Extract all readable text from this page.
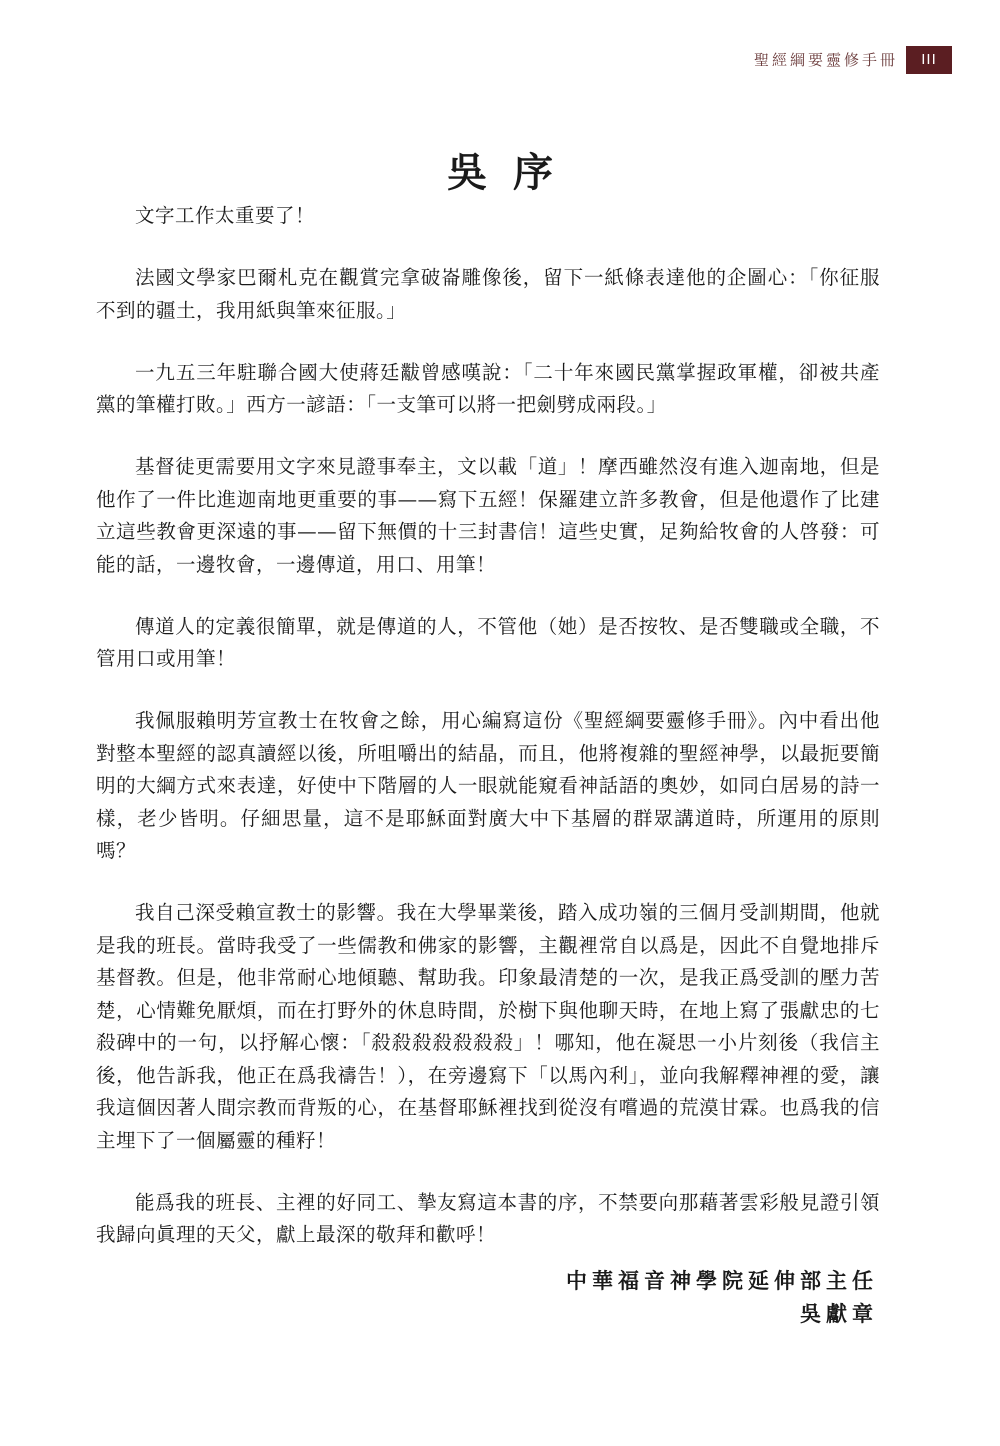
聖經綱要靈修手冊	III
吳序

文字工作太重要了！

法國文學家巴爾札克在觀賞完拿破崙雕像後，留下一紙條表達他的企圖心：「你征服不到的疆土，我用紙與筆來征服。」

一九五三年駐聯合國大使蔣廷黻曾感嘆說：「二十年來國民黨掌握政軍權，卻被共產黨的筆權打敗。」西方一諺語：「一支筆可以將一把劍劈成兩段。」

基督徒更需要用文字來見證事奉主，文以載「道」！摩西雖然沒有進入迦南地，但是他作了一件比進迦南地更重要的事——寫下五經！保羅建立許多教會，但是他還作了比建立這些教會更深遠的事——留下無價的十三封書信！這些史實，足夠給牧會的人啓發：可能的話，一邊牧會，一邊傳道，用口、用筆！

傳道人的定義很簡單，就是傳道的人，不管他（她）是否按牧、是否雙職或全職，不管用口或用筆！

我佩服賴明芳宣教士在牧會之餘，用心編寫這份《聖經綱要靈修手冊》。內中看出他對整本聖經的認真讀經以後，所咀嚼出的結晶，而且，他將複雜的聖經神學，以最扼要簡明的大綱方式來表達，好使中下階層的人一眼就能窺看神話語的奧妙，如同白居易的詩一樣，老少皆明。仔細思量，這不是耶穌面對廣大中下基層的群眾講道時，所運用的原則嗎？

我自己深受賴宣教士的影響。我在大學畢業後，踏入成功嶺的三個月受訓期間，他就是我的班長。當時我受了一些儒教和佛家的影響，主觀裡常自以爲是，因此不自覺地排斥基督教。但是，他非常耐心地傾聽、幫助我。印象最清楚的一次，是我正爲受訓的壓力苦楚，心情難免厭煩，而在打野外的休息時間，於樹下與他聊天時，在地上寫了張獻忠的七殺碑中的一句，以抒解心懷：「殺殺殺殺殺殺殺」！哪知，他在凝思一小片刻後（我信主後，他告訴我，他正在爲我禱告！），在旁邊寫下「以馬內利」，並向我解釋神裡的愛，讓我這個因著人間宗教而背叛的心，在基督耶穌裡找到從沒有嚐過的荒漠甘霖。也爲我的信主埋下了一個屬靈的種籽！

能爲我的班長、主裡的好同工、摯友寫這本書的序，不禁要向那藉著雲彩般見證引領我歸向眞理的天父，獻上最深的敬拜和歡呼！

中華福音神學院延伸部主任
吳獻章
